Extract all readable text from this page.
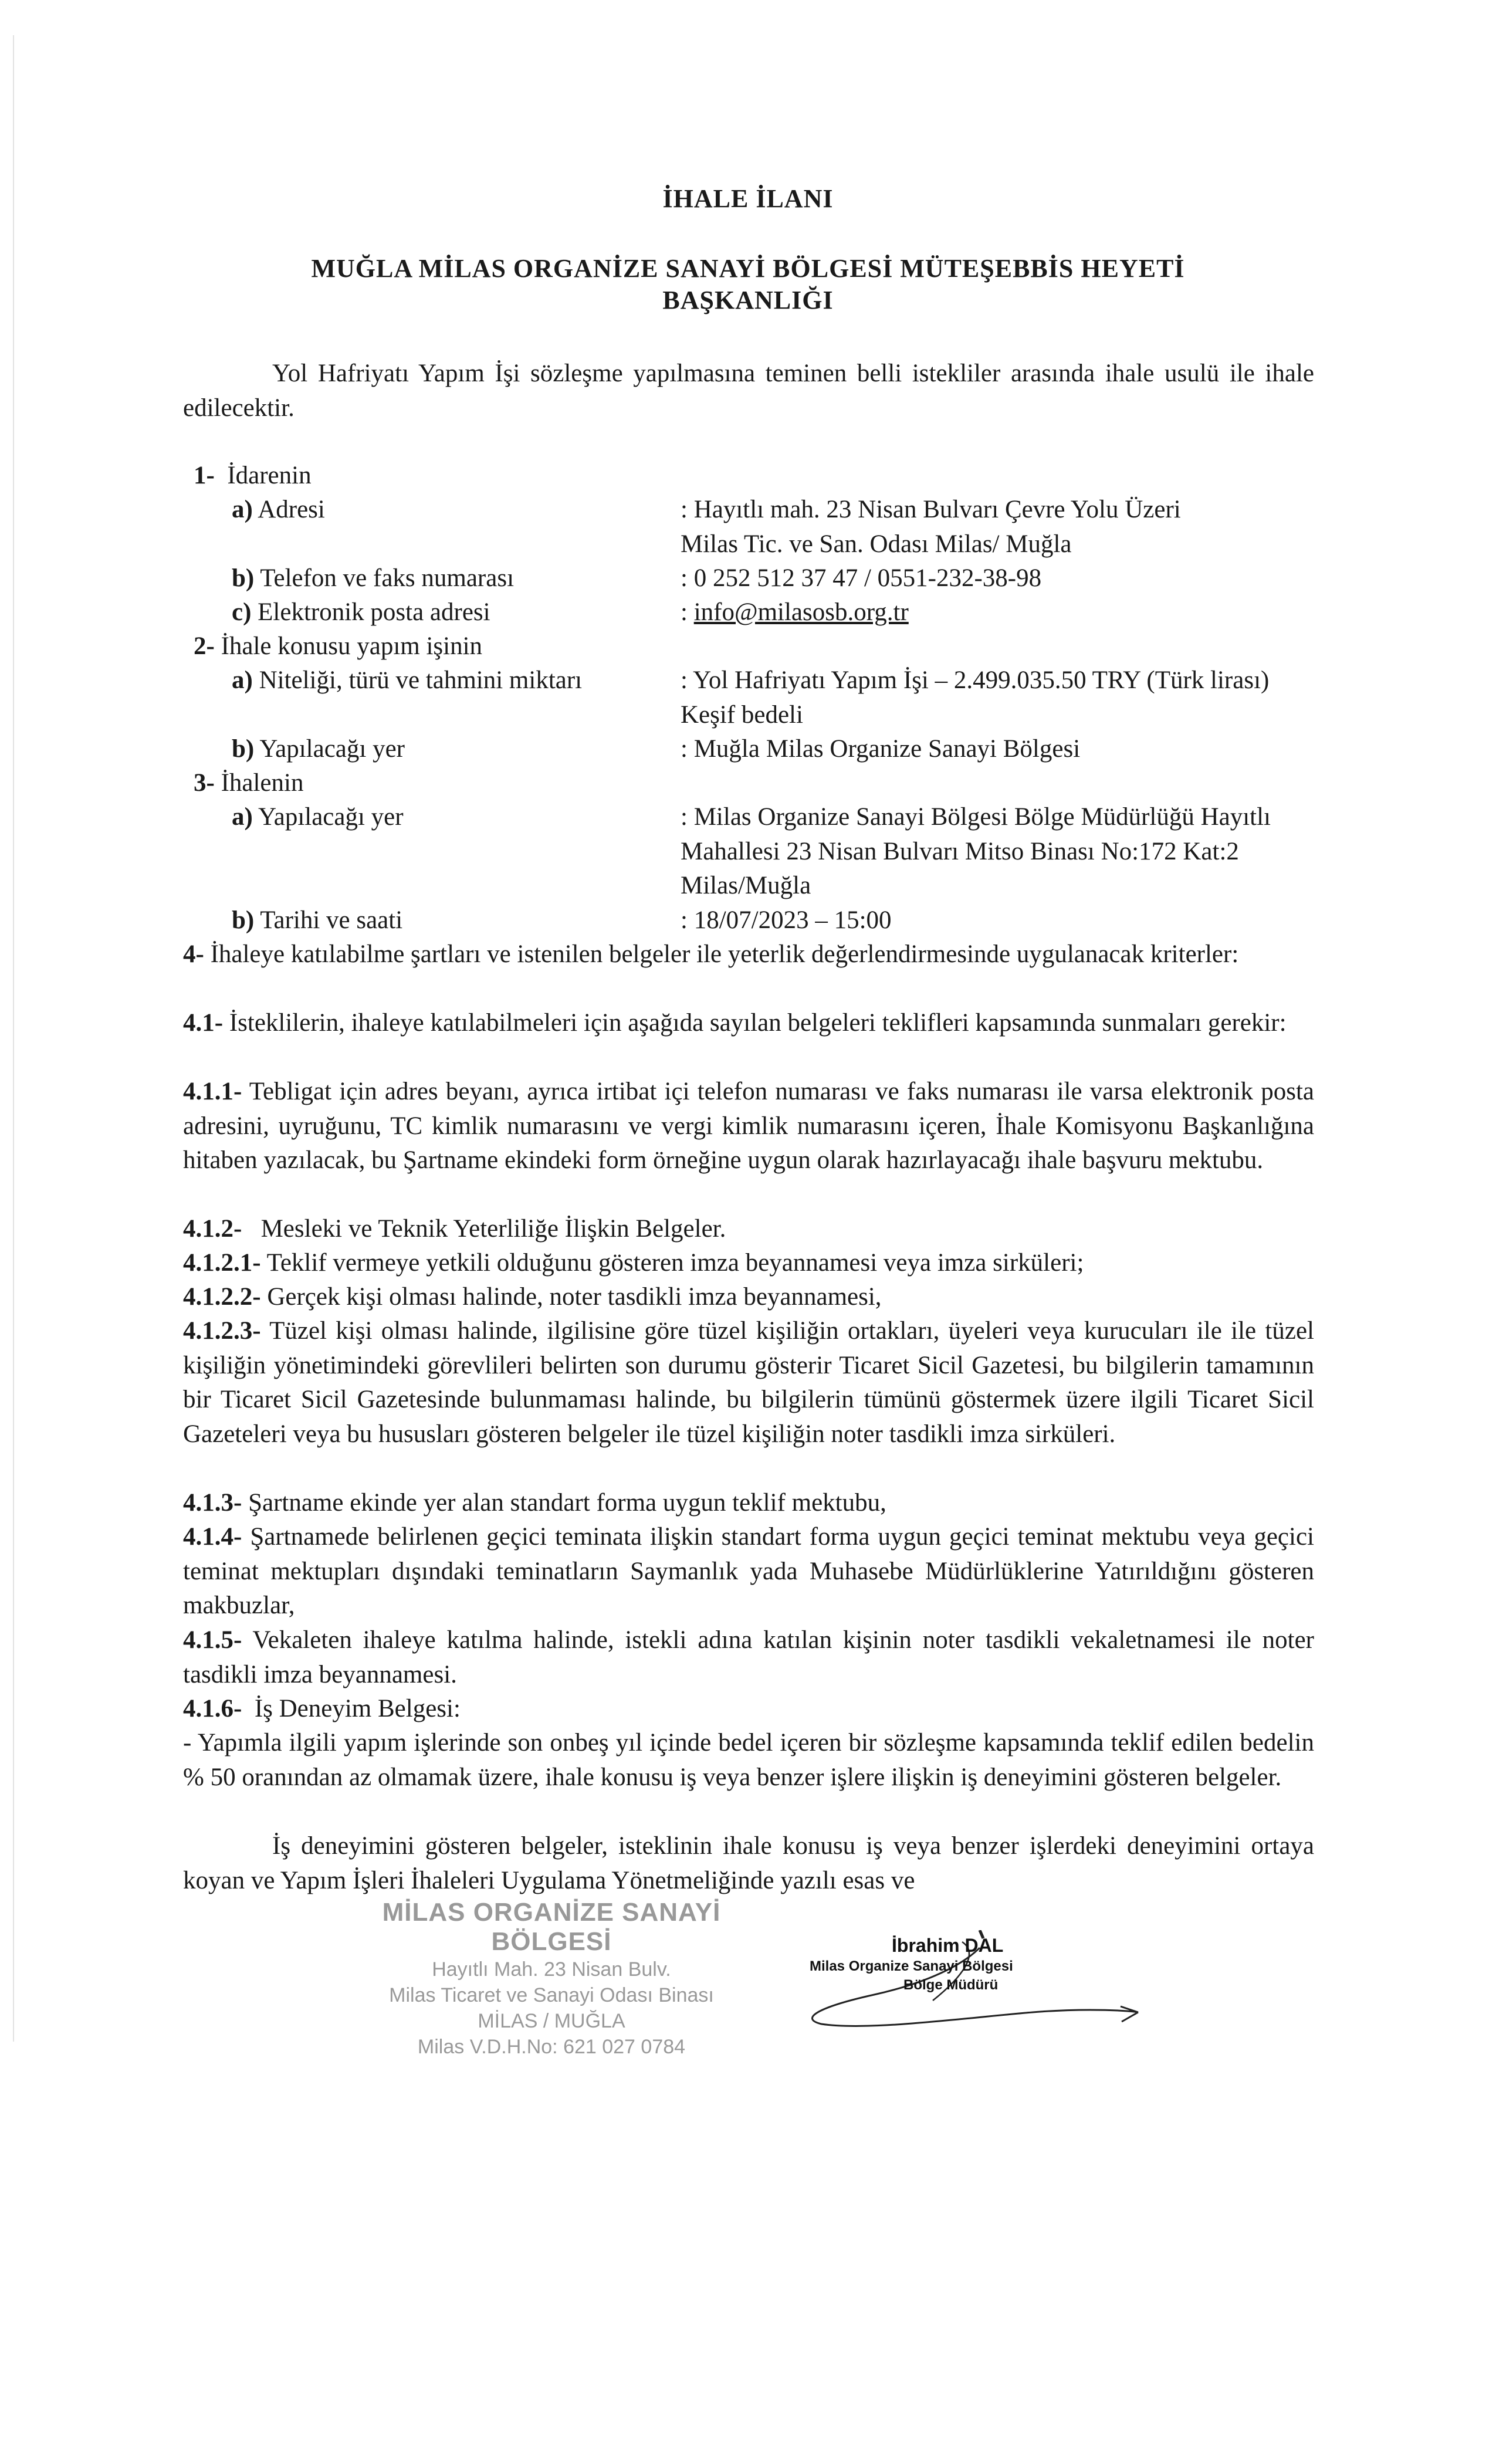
İHALE İLANI
MUĞLA MİLAS ORGANİZE SANAYİ BÖLGESİ MÜTEŞEBBİS HEYETİ
BAŞKANLIĞI
Yol Hafriyatı Yapım İşi sözleşme yapılmasına teminen belli istekliler arasında ihale usulü ile ihale edilecektir.
1- İdarenin
a) Adresi	: Hayıtlı mah. 23 Nisan Bulvarı Çevre Yolu Üzeri
Milas Tic. ve San. Odası Milas/ Muğla
b) Telefon ve faks numarası	: 0 252 512 37 47 / 0551-232-38-98
c) Elektronik posta adresi	: info@milasosb.org.tr
2- İhale konusu yapım işinin
a) Niteliği, türü ve tahmini miktarı	: Yol Hafriyatı Yapım İşi – 2.499.035.50 TRY (Türk lirası) Keşif bedeli
b) Yapılacağı yer	: Muğla Milas Organize Sanayi Bölgesi
3- İhalenin
a) Yapılacağı yer	: Milas Organize Sanayi Bölgesi Bölge Müdürlüğü Hayıtlı Mahallesi 23 Nisan Bulvarı Mitso Binası No:172 Kat:2 Milas/Muğla
b) Tarihi ve saati	: 18/07/2023 – 15:00
4- İhaleye katılabilme şartları ve istenilen belgeler ile yeterlik değerlendirmesinde uygulanacak kriterler:
4.1- İsteklilerin, ihaleye katılabilmeleri için aşağıda sayılan belgeleri teklifleri kapsamında sunmaları gerekir:
4.1.1- Tebligat için adres beyanı, ayrıca irtibat içi telefon numarası ve faks numarası ile varsa elektronik posta adresini, uyruğunu, TC kimlik numarasını ve vergi kimlik numarasını içeren, İhale Komisyonu Başkanlığına hitaben yazılacak, bu Şartname ekindeki form örneğine uygun olarak hazırlayacağı ihale başvuru mektubu.
4.1.2- Mesleki ve Teknik Yeterliliğe İlişkin Belgeler.
4.1.2.1- Teklif vermeye yetkili olduğunu gösteren imza beyannamesi veya imza sirküleri;
4.1.2.2- Gerçek kişi olması halinde, noter tasdikli imza beyannamesi,
4.1.2.3- Tüzel kişi olması halinde, ilgilisine göre tüzel kişiliğin ortakları, üyeleri veya kurucuları ile ile tüzel kişiliğin yönetimindeki görevlileri belirten son durumu gösterir Ticaret Sicil Gazetesi, bu bilgilerin tamamının bir Ticaret Sicil Gazetesinde bulunmaması halinde, bu bilgilerin tümünü göstermek üzere ilgili Ticaret Sicil Gazeteleri veya bu hususları gösteren belgeler ile tüzel kişiliğin noter tasdikli imza sirküleri.
4.1.3- Şartname ekinde yer alan standart forma uygun teklif mektubu,
4.1.4- Şartnamede belirlenen geçici teminata ilişkin standart forma uygun geçici teminat mektubu veya geçici teminat mektupları dışındaki teminatların Saymanlık yada Muhasebe Müdürlüklerine Yatırıldığını gösteren makbuzlar,
4.1.5- Vekaleten ihaleye katılma halinde, istekli adına katılan kişinin noter tasdikli vekaletnamesi ile noter tasdikli imza beyannamesi.
4.1.6- İş Deneyim Belgesi:
- Yapımla ilgili yapım işlerinde son onbeş yıl içinde bedel içeren bir sözleşme kapsamında teklif edilen bedelin % 50 oranından az olmamak üzere, ihale konusu iş veya benzer işlere ilişkin iş deneyimini gösteren belgeler.
İş deneyimini gösteren belgeler, isteklinin ihale konusu iş veya benzer işlerdeki deneyimini ortaya koyan ve Yapım İşleri İhaleleri Uygulama Yönetmeliğinde yazılı esas ve
MİLAS ORGANİZE SANAYİ BÖLGESİ
Hayıtlı Mah. 23 Nisan Bulv.
Milas Ticaret ve Sanayi Odası Binası
MİLAS / MUĞLA
Milas V.D.H.No: 621 027 0784
İbrahim DAL
Milas Organize Sanayi Bölgesi
Bölge Müdürü
